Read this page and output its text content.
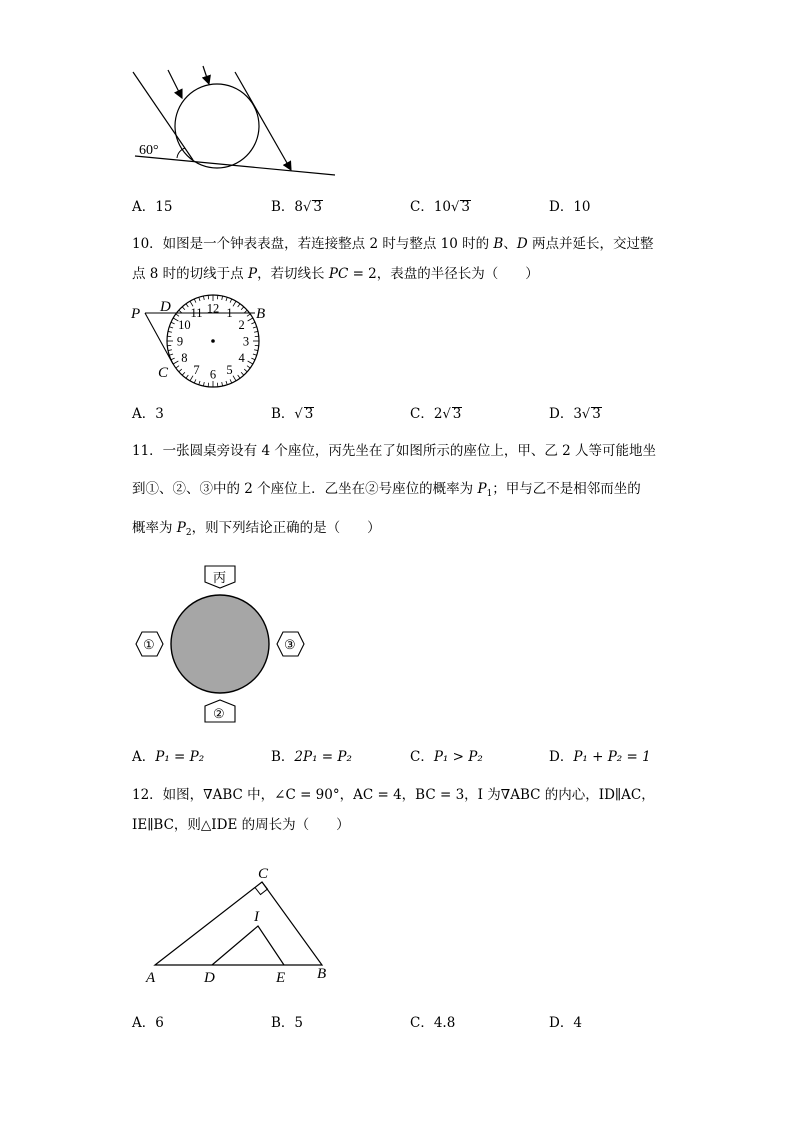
60°
A．15	B．8√ 3	C．10√ 3	D．10
10．如图是一个钟表表盘，若连接整点 2 时与整点 10 时的 B、D 两点并延长，交过整
点 8 时的切线于点 P，若切线长 PC = 2，表盘的半径长为（　　）
P D	B
C
12 1
2
3
4
5
6
7
8
9
10
11
A．3	B．√ 3	C．2√ 3	D．3√ 3
11．一张圆桌旁设有 4 个座位，丙先坐在了如图所示的座位上，甲、乙 2 人等可能地坐
到①、②、③中的 2 个座位上．乙坐在②号座位的概率为 $P_1$；甲与乙不是相邻而坐的
概率为 $P_2$，则下列结论正确的是（　　）
丙
②
①	③
A．P₁ = P₂	B．2P₁ = P₂	C．P₁ > P₂	D．P₁ + P₂ = 1
12．如图，∇ABC 中，∠C = 90°，AC = 4，BC = 3，I 为∇ABC 的内心，ID∥AC，
IE∥BC，则△IDE 的周长为（　　）
A	D	E B
C
I
A．6	B．5	C．4.8	D．4
